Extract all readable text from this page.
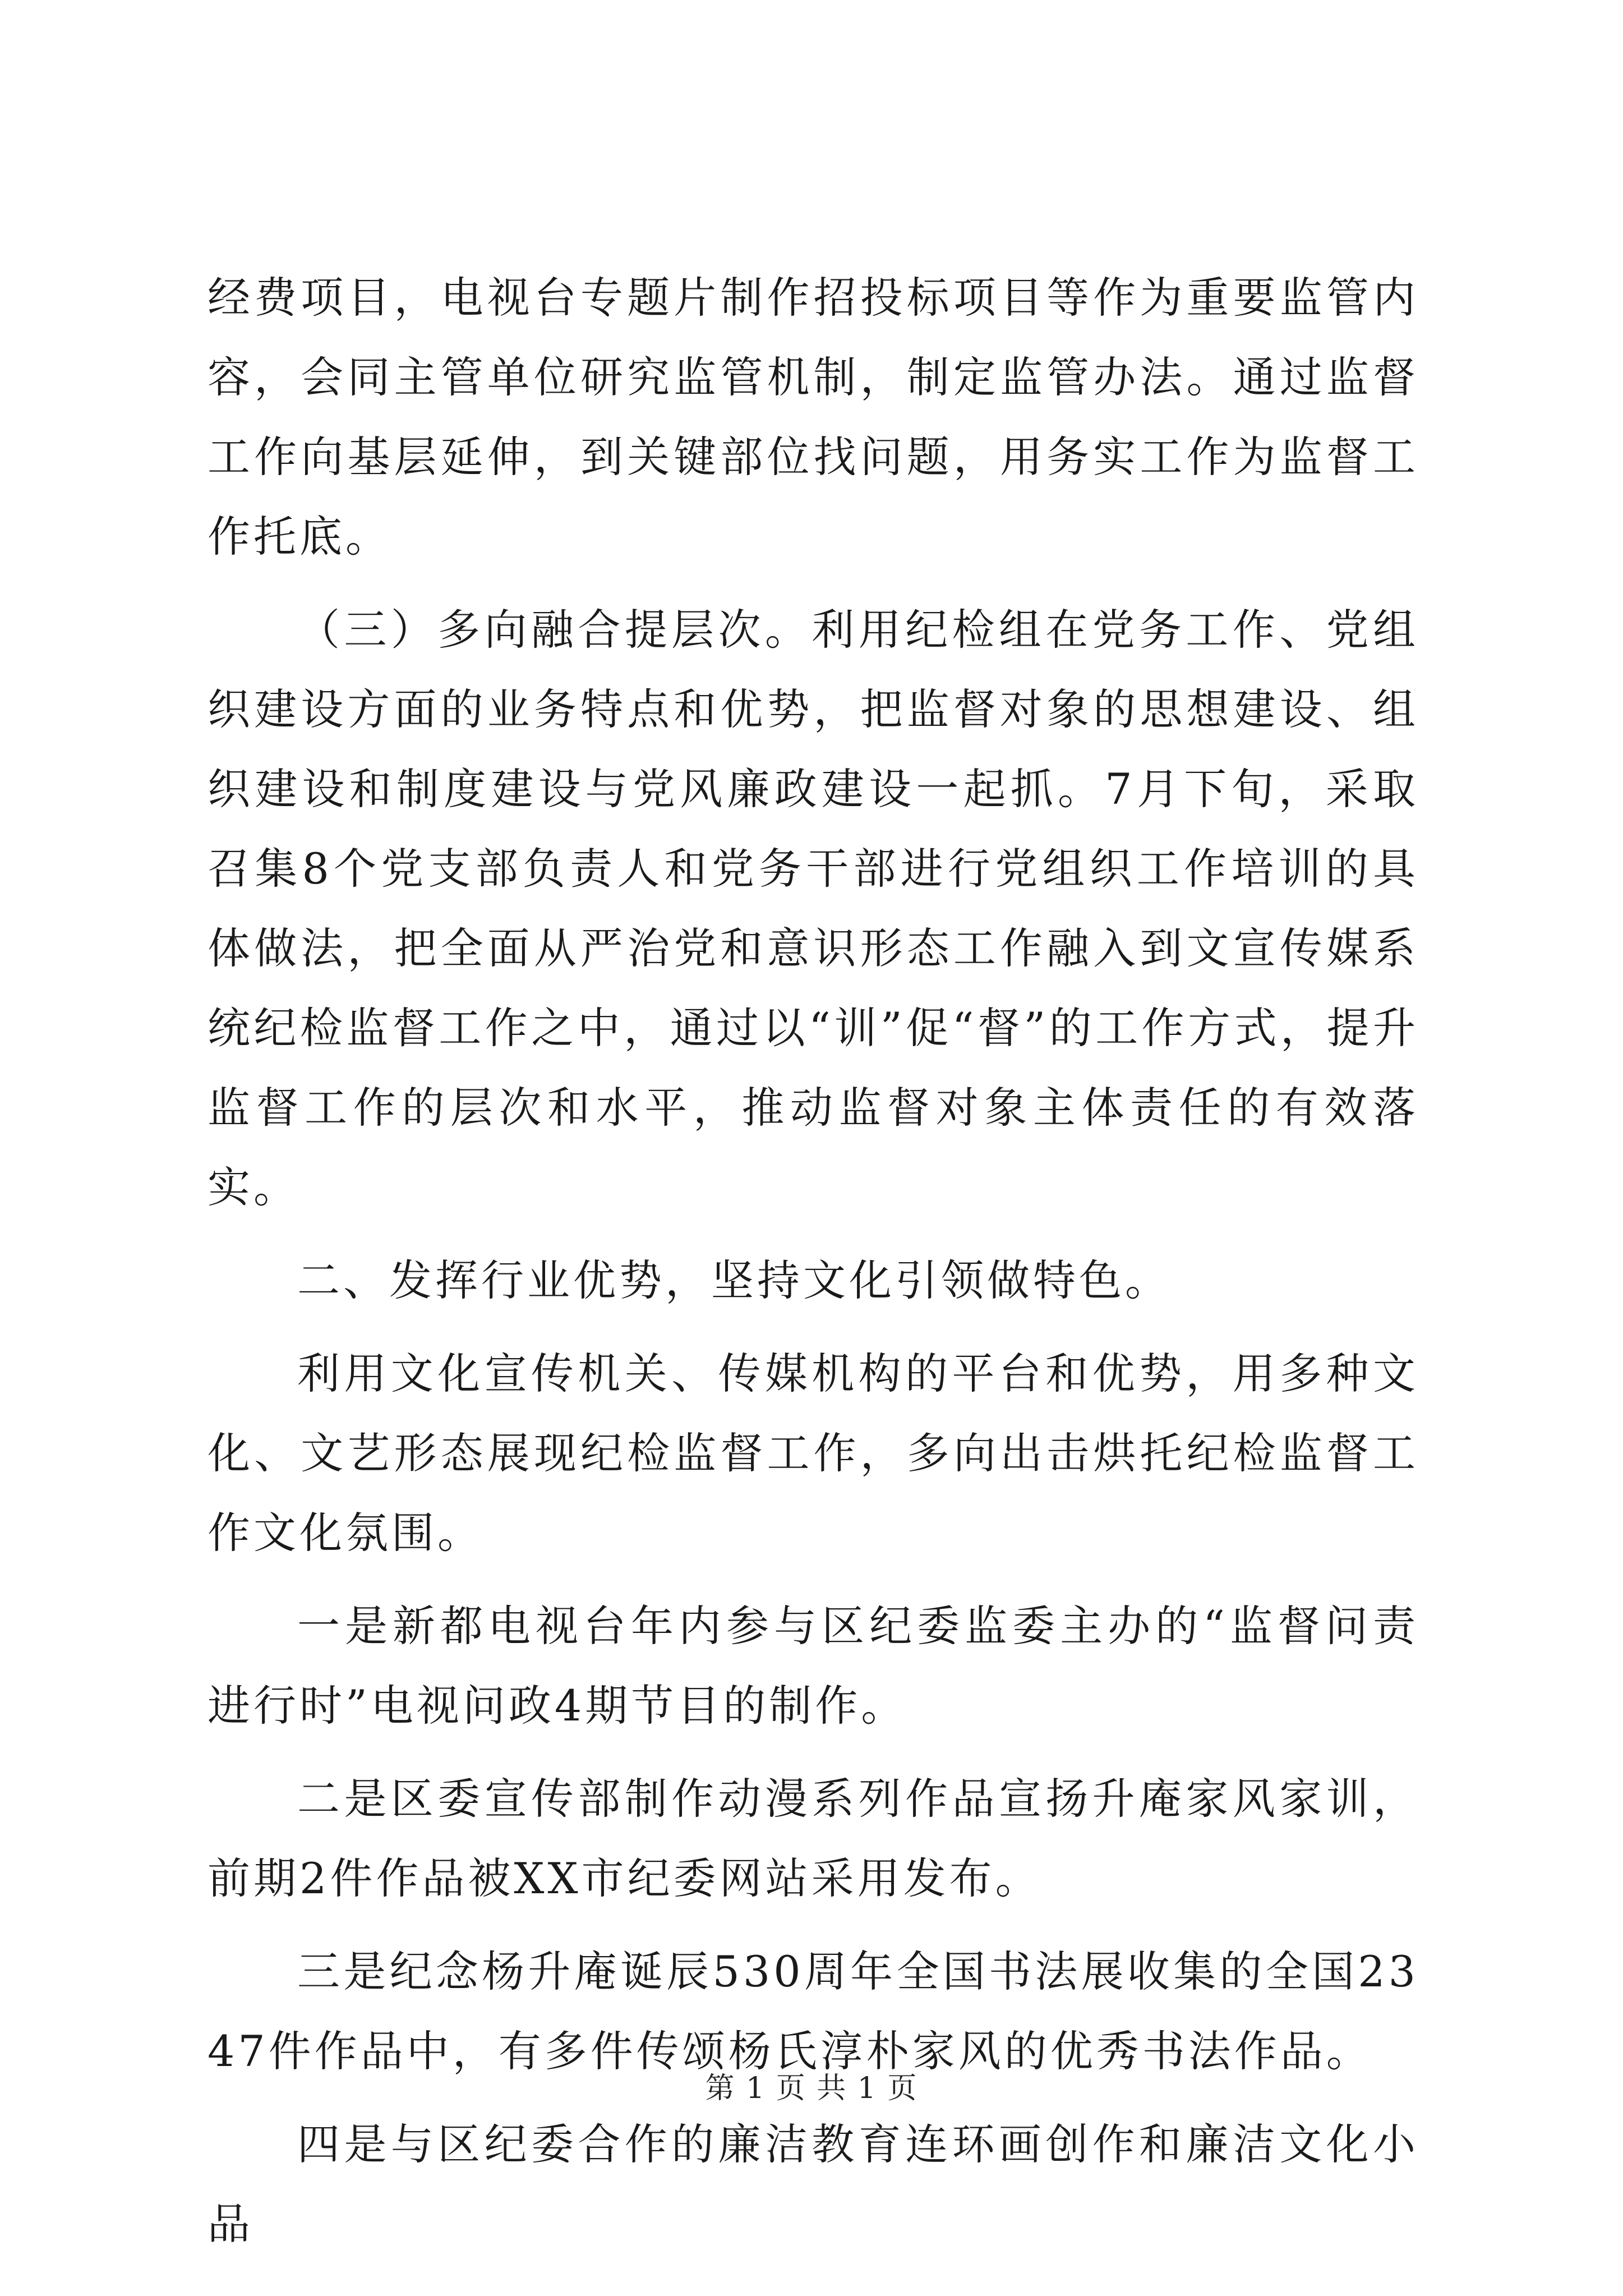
经费项目，电视台专题片制作招投标项目等作为重要监管内容，会同主管单位研究监管机制，制定监管办法。通过监督工作向基层延伸，到关键部位找问题，用务实工作为监督工作托底。

（三）多向融合提层次。利用纪检组在党务工作、党组织建设方面的业务特点和优势，把监督对象的思想建设、组织建设和制度建设与党风廉政建设一起抓。7月下旬，采取召集8个党支部负责人和党务干部进行党组织工作培训的具体做法，把全面从严治党和意识形态工作融入到文宣传媒系统纪检监督工作之中，通过以“训”促“督”的工作方式，提升监督工作的层次和水平，推动监督对象主体责任的有效落实。

二、发挥行业优势，坚持文化引领做特色。

利用文化宣传机关、传媒机构的平台和优势，用多种文化、文艺形态展现纪检监督工作，多向出击烘托纪检监督工作文化氛围。

一是新都电视台年内参与区纪委监委主办的“监督问责进行时”电视问政4期节目的制作。

二是区委宣传部制作动漫系列作品宣扬升庵家风家训，前期2件作品被XX市纪委网站采用发布。

三是纪念杨升庵诞辰530周年全国书法展收集的全国2347件作品中，有多件传颂杨氏淳朴家风的优秀书法作品。

四是与区纪委合作的廉洁教育连环画创作和廉洁文化小品

第 1 页 共 1 页
